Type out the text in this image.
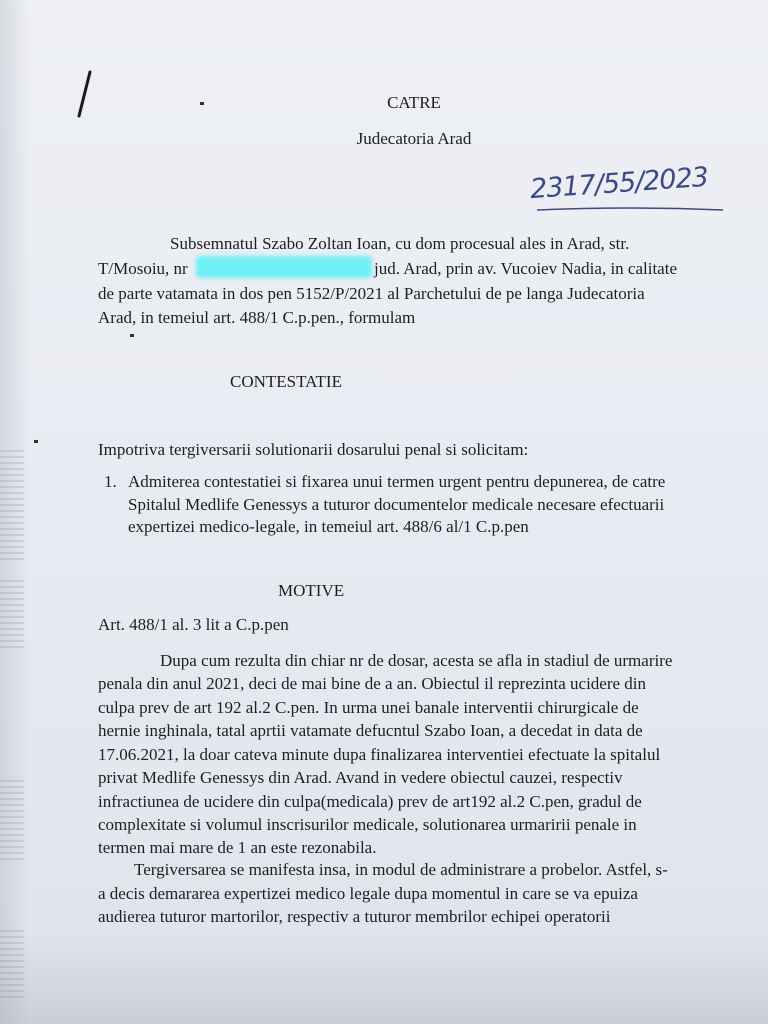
CATRE
Judecatoria Arad
2317/55/2023

Subsemnatul Szabo Zoltan Ioan, cu dom procesual ales in Arad, str.

T/Mosoiu, nr	jud. Arad, prin av. Vucoiev Nadia, in calitate

de parte vatamata in dos pen 5152/P/2021 al Parchetului de pe langa Judecatoria

Arad, in temeiul art. 488/1 C.p.pen., formulam

CONTESTATIE

Impotriva tergiversarii solutionarii dosarului penal si solicitam:

1. Admiterea contestatiei si fixarea unui termen urgent pentru depunerea, de catre

Spitalul Medlife Genessys a tuturor documentelor medicale necesare efectuarii

expertizei medico-legale, in temeiul art. 488/6 al/1 C.p.pen

MOTIVE

Art. 488/1 al. 3 lit a C.p.pen

Dupa cum rezulta din chiar nr de dosar, acesta se afla in stadiul de urmarire

penala din anul 2021, deci de mai bine de a an. Obiectul il reprezinta ucidere din

culpa prev de art 192 al.2 C.pen. In urma unei banale interventii chirurgicale de

hernie inghinala, tatal aprtii vatamate defucntul Szabo Ioan, a decedat in data de

17.06.2021, la doar cateva minute dupa finalizarea interventiei efectuate la spitalul

privat Medlife Genessys din Arad. Avand in vedere obiectul cauzei, respectiv

infractiunea de ucidere din culpa(medicala) prev de art192 al.2 C.pen, gradul de

complexitate si volumul inscrisurilor medicale, solutionarea urmaririi penale in

termen mai mare de 1 an este rezonabila.

Tergiversarea se manifesta insa, in modul de administrare a probelor. Astfel, s-

a decis demararea expertizei medico legale dupa momentul in care se va epuiza

audierea tuturor martorilor, respectiv a tuturor membrilor echipei operatorii
